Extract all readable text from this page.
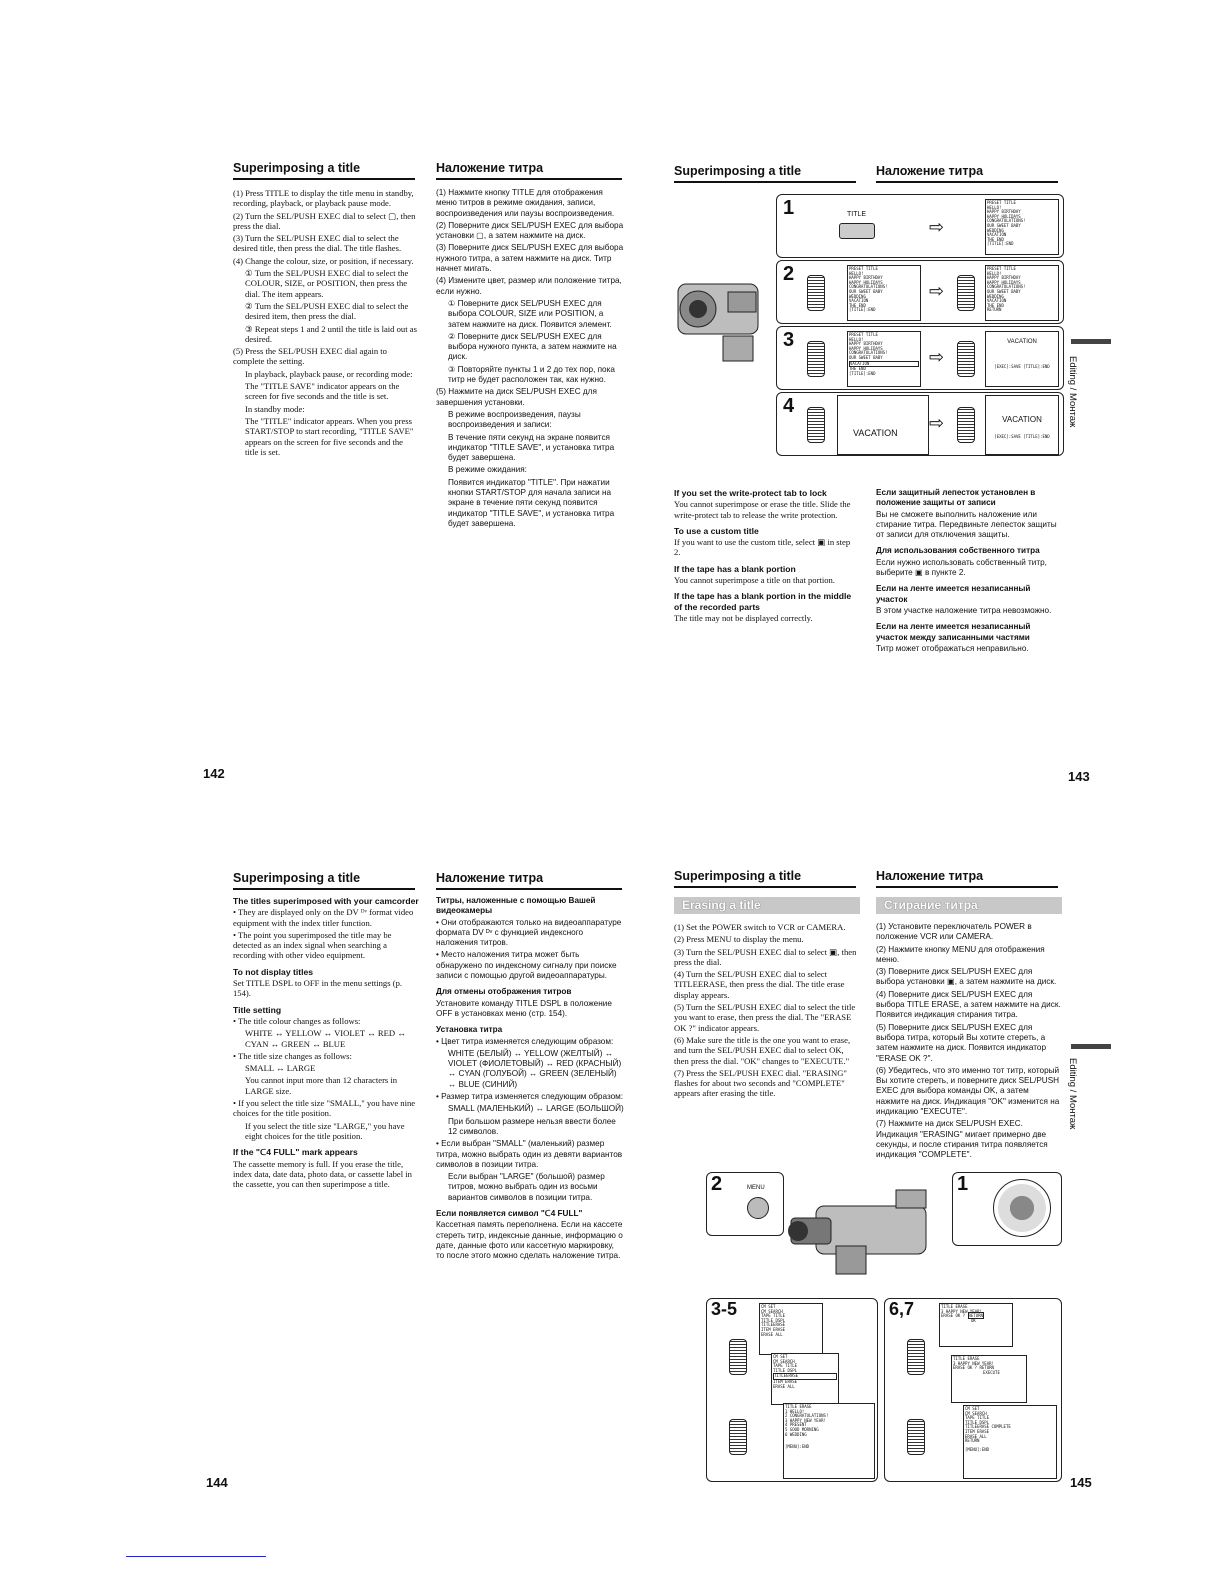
Superimposing a title	Наложение титра

(1) Press TITLE to display the title menu in standby, recording, playback, or playback pause mode.

(2) Turn the SEL/PUSH EXEC dial to select ▢, then press the dial.

(3) Turn the SEL/PUSH EXEC dial to select the desired title, then press the dial. The title flashes.

(4) Change the colour, size, or position, if necessary.

① Turn the SEL/PUSH EXEC dial to select the COLOUR, SIZE, or POSITION, then press the dial. The item appears.

② Turn the SEL/PUSH EXEC dial to select the desired item, then press the dial.

③ Repeat steps 1 and 2 until the title is laid out as desired.

(5) Press the SEL/PUSH EXEC dial again to complete the setting.

In playback, playback pause, or recording mode:

The "TITLE SAVE" indicator appears on the screen for five seconds and the title is set.

In standby mode:

The "TITLE" indicator appears. When you press START/STOP to start recording, "TITLE SAVE" appears on the screen for five seconds and the title is set.

(1) Нажмите кнопку TITLE для отображения меню титров в режиме ожидания, записи, воспроизведения или паузы воспроизведения.

(2) Поверните диск SEL/PUSH EXEC для выбора установки ▢, а затем нажмите на диск.

(3) Поверните диск SEL/PUSH EXEC для выбора нужного титра, а затем нажмите на диск. Титр начнет мигать.

(4) Измените цвет, размер или положение титра, если нужно.

① Поверните диск SEL/PUSH EXEC для выбора COLOUR, SIZE или POSITION, а затем нажмите на диск. Появится элемент.

② Поверните диск SEL/PUSH EXEC для выбора нужного пункта, а затем нажмите на диск.

③ Повторяйте пункты 1 и 2 до тех пор, пока титр не будет расположен так, как нужно.

(5) Нажмите на диск SEL/PUSH EXEC для завершения установки.

В режиме воспроизведения, паузы воспроизведения и записи:

В течение пяти секунд на экране появится индикатор "TITLE SAVE", и установка титра будет завершена.

В режиме ожидания:

Появится индикатор "TITLE". При нажатии кнопки START/STOP для начала записи на экране в течение пяти секунд появится индикатор "TITLE SAVE", и установка титра будет завершена.

142
Superimposing a title	Наложение титра
1	TITLE
⇨
PRESET TITLE
HELLO!
HAPPY BIRTHDAY
HAPPY HOLIDAYS
CONGRATULATIONS!
OUR SWEET BABY
WEDDING
VACATION
THE END
[TITLE]:END
2	PRESET TITLE
HELLO!
HAPPY BIRTHDAY
HAPPY HOLIDAYS
CONGRATULATIONS!
OUR SWEET BABY
WEDDING
VACATION
THE END
[TITLE]:END
⇨
PRESET TITLE
HELLO!
HAPPY BIRTHDAY
HAPPY HOLIDAYS
CONGRATULATIONS!
OUR SWEET BABY
WEDDING
VACATION
THE END
RETURN
3	PRESET TITLE
HELLO!
HAPPY BIRTHDAY
HAPPY HOLIDAYS
CONGRATULATIONS!
OUR SWEET BABY
VACATION
THE END
[TITLE]:END
⇨
VACATION
[EXEC]:SAVE [TITLE]:END
4
VACATION	⇨	VACATION
[EXEC]:SAVE [TITLE]:END
Editing / Монтаж

If you set the write-protect tab to lock

You cannot superimpose or erase the title. Slide the write-protect tab to release the write protection.

To use a custom title

If you want to use the custom title, select ▣ in step 2.

If the tape has a blank portion

You cannot superimpose a title on that portion.

If the tape has a blank portion in the middle of the recorded parts

The title may not be displayed correctly.

Если защитный лепесток установлен в положение защиты от записи

Вы не сможете выполнить наложение или стирание титра. Передвиньте лепесток защиты от записи для отключения защиты.

Для использования собственного титра

Если нужно использовать собственный титр, выберите ▣ в пункте 2.

Если на ленте имеется незаписанный участок

В этом участке наложение титра невозможно.

Если на ленте имеется незаписанный участок между записанными частями

Титр может отображаться неправильно.

143
Superimposing a title	Наложение титра

The titles superimposed with your camcorder

• They are displayed only on the DV ᴰᵛ format video equipment with the index titler function.

• The point you superimposed the title may be detected as an index signal when searching a recording with other video equipment.

To not display titles

Set TITLE DSPL to OFF in the menu settings (p. 154).

Title setting

• The title colour changes as follows:

WHITE ↔ YELLOW ↔ VIOLET ↔ RED ↔ CYAN ↔ GREEN ↔ BLUE

• The title size changes as follows:

SMALL ↔ LARGE

You cannot input more than 12 characters in LARGE size.

• If you select the title size "SMALL," you have nine choices for the title position.

If you select the title size "LARGE," you have eight choices for the title position.

If the "ᑕ4 FULL" mark appears

The cassette memory is full. If you erase the title, index data, date data, photo data, or cassette label in the cassette, you can then superimpose a title.

Титры, наложенные с помощью Вашей видеокамеры

• Они отображаются только на видеоаппаратуре формата DV ᴰᵛ с функцией индексного наложения титров.

• Место наложения титра может быть обнаружено по индексному сигналу при поиске записи с помощью другой видеоаппаратуры.

Для отмены отображения титров

Установите команду TITLE DSPL в положение OFF в установках меню (стр. 154).

Установка титра

• Цвет титра изменяется следующим образом:

WHITE (БЕЛЫЙ) ↔ YELLOW (ЖЕЛТЫЙ) ↔ VIOLET (ФИОЛЕТОВЫЙ) ↔ RED (КРАСНЫЙ) ↔ CYAN (ГОЛУБОЙ) ↔ GREEN (ЗЕЛЕНЫЙ) ↔ BLUE (СИНИЙ)

• Размер титра изменяется следующим образом:

SMALL (МАЛЕНЬКИЙ) ↔ LARGE (БОЛЬШОЙ)

При большом размере нельзя ввести более 12 символов.

• Если выбран "SMALL" (маленький) размер титра, можно выбрать один из девяти вариантов символов в позиции титра.

Если выбран "LARGE" (большой) размер титров, можно выбрать один из восьми вариантов символов в позиции титра.

Если появляется символ "ᑕ4 FULL"

Кассетная память переполнена. Если на кассете стереть титр, индексные данные, информацию о дате, данные фото или кассетную маркировку, то после этого можно сделать наложение титра.

144
Superimposing a title	Наложение титра
Erasing a title	Стирание титра

(1) Set the POWER switch to VCR or CAMERA.

(2) Press MENU to display the menu.

(3) Turn the SEL/PUSH EXEC dial to select ▣, then press the dial.

(4) Turn the SEL/PUSH EXEC dial to select TITLEERASE, then press the dial. The title erase display appears.

(5) Turn the SEL/PUSH EXEC dial to select the title you want to erase, then press the dial. The "ERASE OK ?" indicator appears.

(6) Make sure the title is the one you want to erase, and turn the SEL/PUSH EXEC dial to select OK, then press the dial. "OK" changes to "EXECUTE."

(7) Press the SEL/PUSH EXEC dial. "ERASING" flashes for about two seconds and "COMPLETE" appears after erasing the title.

(1) Установите переключатель POWER в положение VCR или CAMERA.

(2) Нажмите кнопку MENU для отображения меню.

(3) Поверните диск SEL/PUSH EXEC для выбора установки ▣, а затем нажмите на диск.

(4) Поверните диск SEL/PUSH EXEC для выбора TITLE ERASE, а затем нажмите на диск. Появится индикация стирания титра.

(5) Поверните диск SEL/PUSH EXEC для выбора титра, который Вы хотите стереть, а затем нажмите на диск. Появится индикатор "ERASE OK ?".

(6) Убедитесь, что это именно тот титр, который Вы хотите стереть, и поверните диск SEL/PUSH EXEC для выбора команды OK, а затем нажмите на диск. Индикация "OK" изменится на индикацию "EXECUTE".

(7) Нажмите на диск SEL/PUSH EXEC. Индикация "ERASING" мигает примерно две секунды, и после стирания титра появляется индикация "COMPLETE".

Editing / Монтаж
2	MENU	1
3-5	CM SET
CM SEARCH
TAPE TITLE
TITLE DSPL
TITLEERASE
ITEM ERASE
ERASE ALL
CM SET
CM SEARCH
TAPE TITLE
TITLE DSPL
TITLEERASE
ITEM ERASE
ERASE ALL
TITLE ERASE
1 HELLO!
2 CONGRATULATIONS!
3 HAPPY NEW YEAR!
4 PRESENT
5 GOOD MORNING
6 WEDDING
[MENU]:END
6,7	TITLE ERASE
3 HAPPY NEW YEAR!
ERASE OK ? RETURN
OK
TITLE ERASE
3 HAPPY NEW YEAR!
ERASE OK ? RETURN
EXECUTE
CM SET
CM SEARCH
TAPE TITLE
TITLE DSPL
TITLEERASE COMPLETE
ITEM ERASE
ERASE ALL
RETURN
[MENU]:END
145
